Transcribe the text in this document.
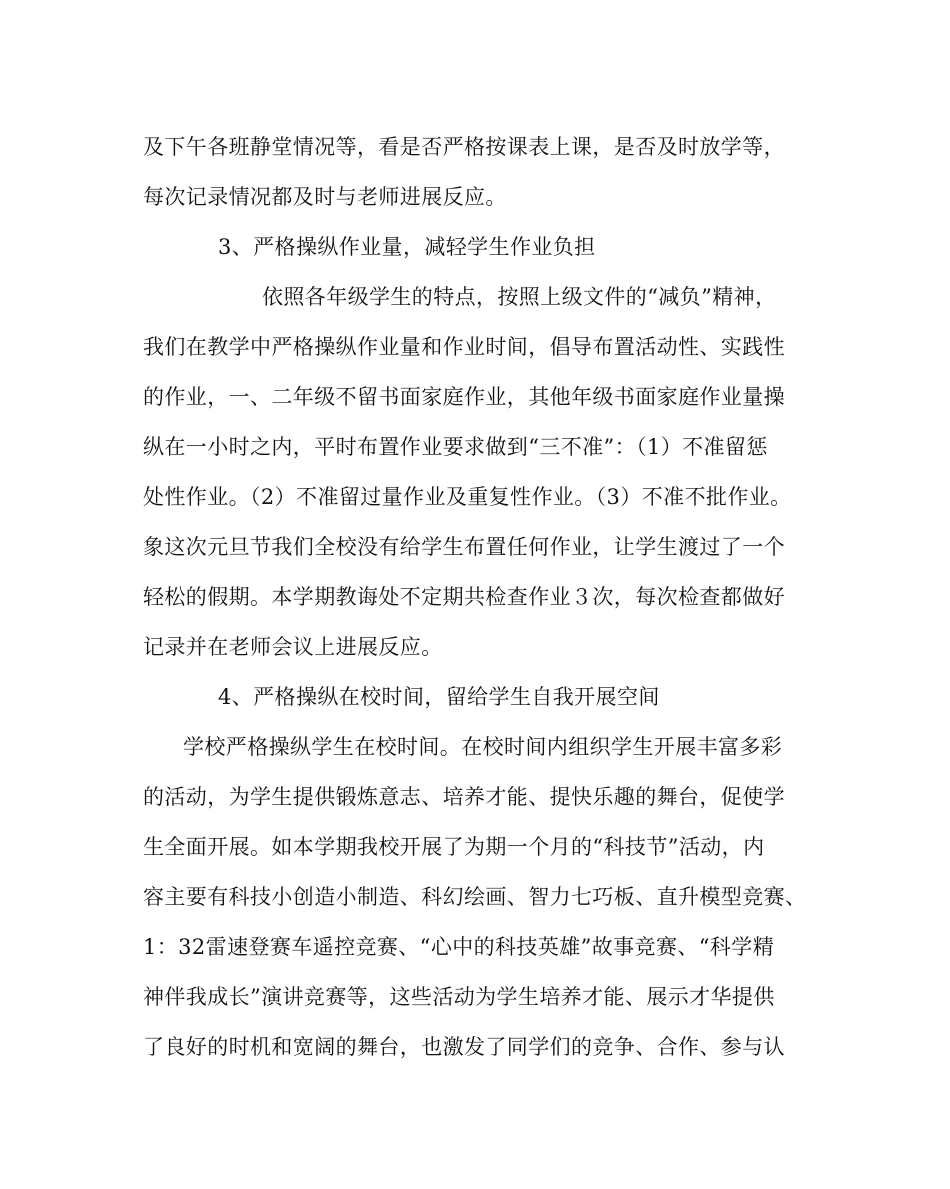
及下午各班静堂情况等，看是否严格按课表上课，是否及时放学等，
每次记录情况都及时与老师进展反应。
3、严格操纵作业量，减轻学生作业负担
依照各年级学生的特点，按照上级文件的“减负”精神，
我们在教学中严格操纵作业量和作业时间，倡导布置活动性、实践性
的作业，一、二年级不留书面家庭作业，其他年级书面家庭作业量操
纵在一小时之内，平时布置作业要求做到“三不准”：（1）不准留惩
处性作业。（2）不准留过量作业及重复性作业。（3）不准不批作业。
象这次元旦节我们全校没有给学生布置任何作业，让学生渡过了一个
轻松的假期。本学期教诲处不定期共检查作业３次，每次检查都做好
记录并在老师会议上进展反应。
4、严格操纵在校时间，留给学生自我开展空间
学校严格操纵学生在校时间。在校时间内组织学生开展丰富多彩
的活动，为学生提供锻炼意志、培养才能、提快乐趣的舞台，促使学
生全面开展。如本学期我校开展了为期一个月的“科技节”活动，内
容主要有科技小创造小制造、科幻绘画、智力七巧板、直升模型竞赛、
1：32雷速登赛车遥控竞赛、“心中的科技英雄”故事竞赛、“科学精
神伴我成长”演讲竞赛等，这些活动为学生培养才能、展示才华提供
了良好的时机和宽阔的舞台，也激发了同学们的竞争、合作、参与认
